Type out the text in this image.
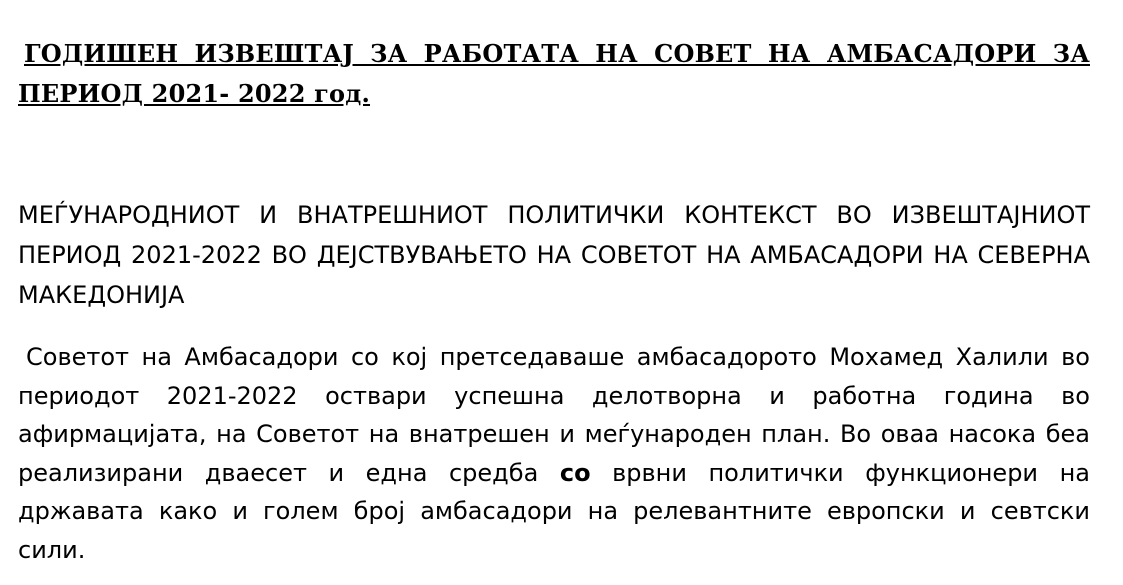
ГОДИШЕН ИЗВЕШТАЈ ЗА РАБОТАТА НА СОВЕТ НА АМБАСАДОРИ ЗА ПЕРИОД 2021- 2022 год.

МЕЃУНАРОДНИОТ И ВНАТРЕШНИОТ ПОЛИТИЧКИ КОНТЕКСТ ВО ИЗВЕШТАЈНИОТ ПЕРИОД 2021-2022 ВО ДЕЈСТВУВАЊЕТО НА СОВЕТОТ НА АМБАСАДОРИ НА СЕВЕРНА МАКЕДОНИЈА

Советот на Амбасадори со кој претседаваше амбасадорото Мохамед Халили во периодот 2021-2022 оствари успешна делотворна и работна година во афирмацијата, на Советот на внатрешен и меѓународен план. Во оваа насока беа реализирани дваесет и една средба со врвни политички функционери на државата како и голем број амбасадори на релевантните европски и севтски сили.
